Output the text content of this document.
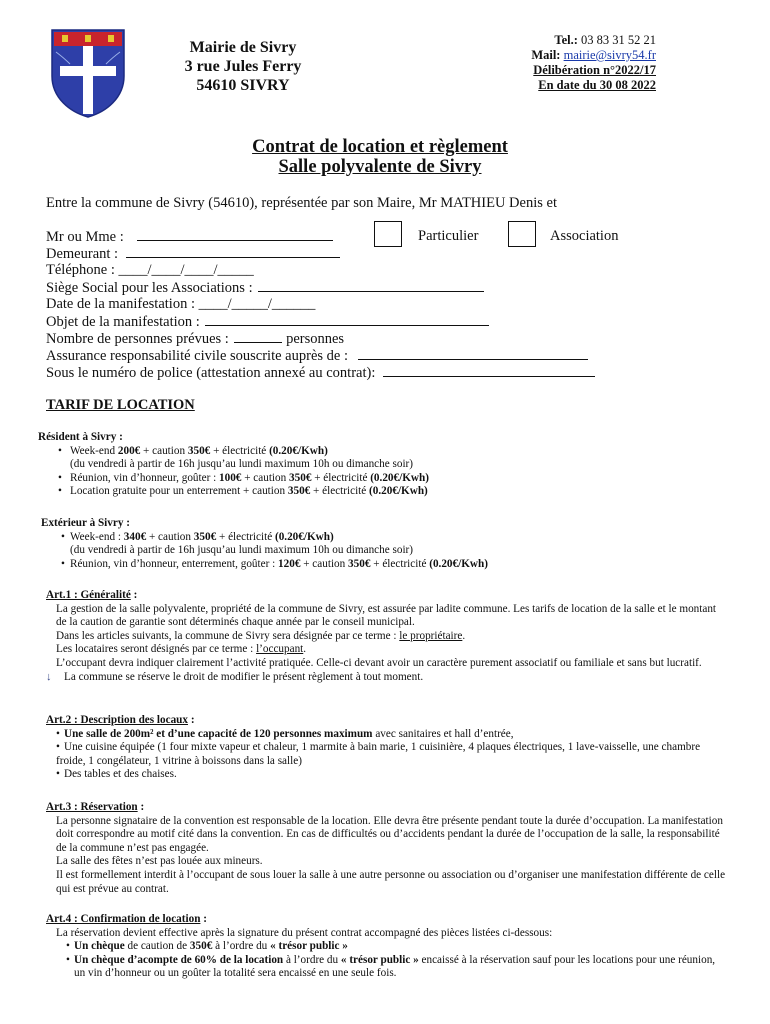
Mairie de Sivry
3 rue Jules Ferry
54610 SIVRY
Tel.: 03 83 31 52 21
Mail: mairie@sivry54.fr
Délibération n°2022/17
En date du 30 08 2022
Contrat de location et règlement
Salle polyvalente de Sivry
Entre la commune de Sivry (54610), représentée par son Maire, Mr MATHIEU Denis et
Particulier	Association
Mr ou Mme :
Demeurant :
Téléphone : ____/____/____/_____
Siège Social pour les Associations :
Date de la manifestation : ____/_____/______
Objet de la manifestation :
Nombre de personnes prévues :	personnes
Assurance responsabilité civile souscrite auprès de :
Sous le numéro de police (attestation annexé au contrat):
TARIF DE LOCATION
Résident à Sivry :
• Week-end 200€ + caution 350€ + électricité (0.20€/Kwh)
(du vendredi à partir de 16h jusqu’au lundi maximum 10h ou dimanche soir)
• Réunion, vin d’honneur, goûter : 100€ + caution 350€ + électricité (0.20€/Kwh)
• Location gratuite pour un enterrement + caution 350€ + électricité (0.20€/Kwh)
Extérieur à Sivry :
• Week-end : 340€ + caution 350€ + électricité (0.20€/Kwh)
(du vendredi à partir de 16h jusqu’au lundi maximum 10h ou dimanche soir)
• Réunion, vin d’honneur, enterrement, goûter : 120€ + caution 350€ + électricité (0.20€/Kwh)
Art.1 : Généralité :
La gestion de la salle polyvalente, propriété de la commune de Sivry, est assurée par ladite commune. Les tarifs de location de la salle et le montant de la caution de garantie sont déterminés chaque année par le conseil municipal.
Dans les articles suivants, la commune de Sivry sera désignée par ce terme : le propriétaire.
Les locataires seront désignés par ce terme : l’occupant.
L’occupant devra indiquer clairement l’activité pratiquée. Celle-ci devant avoir un caractère purement associatif ou familiale et sans but lucratif.
↓ La commune se réserve le droit de modifier le présent règlement à tout moment.
Art.2 : Description des locaux :
• Une salle de 200m² et d’une capacité de 120 personnes maximum avec sanitaires et hall d’entrée,
• Une cuisine équipée (1 four mixte vapeur et chaleur, 1 marmite à bain marie, 1 cuisinière, 4 plaques électriques, 1 lave-vaisselle, une chambre froide, 1 congélateur, 1 vitrine à boissons dans la salle)
• Des tables et des chaises.
Art.3 : Réservation :
La personne signataire de la convention est responsable de la location. Elle devra être présente pendant toute la durée d’occupation. La manifestation doit correspondre au motif cité dans la convention. En cas de difficultés ou d’accidents pendant la durée de l’occupation de la salle, la responsabilité de la commune n’est pas engagée.
La salle des fêtes n’est pas louée aux mineurs.
Il est formellement interdit à l’occupant de sous louer la salle à une autre personne ou association ou d’organiser une manifestation différente de celle qui est prévue au contrat.
Art.4 : Confirmation de location :
La réservation devient effective après la signature du présent contrat accompagné des pièces listées ci-dessous:
• Un chèque de caution de 350€ à l’ordre du « trésor public »
• Un chèque d’acompte de 60% de la location à l’ordre du « trésor public » encaissé à la réservation sauf pour les locations pour une réunion, un vin d’honneur ou un goûter la totalité sera encaissé en une seule fois.
